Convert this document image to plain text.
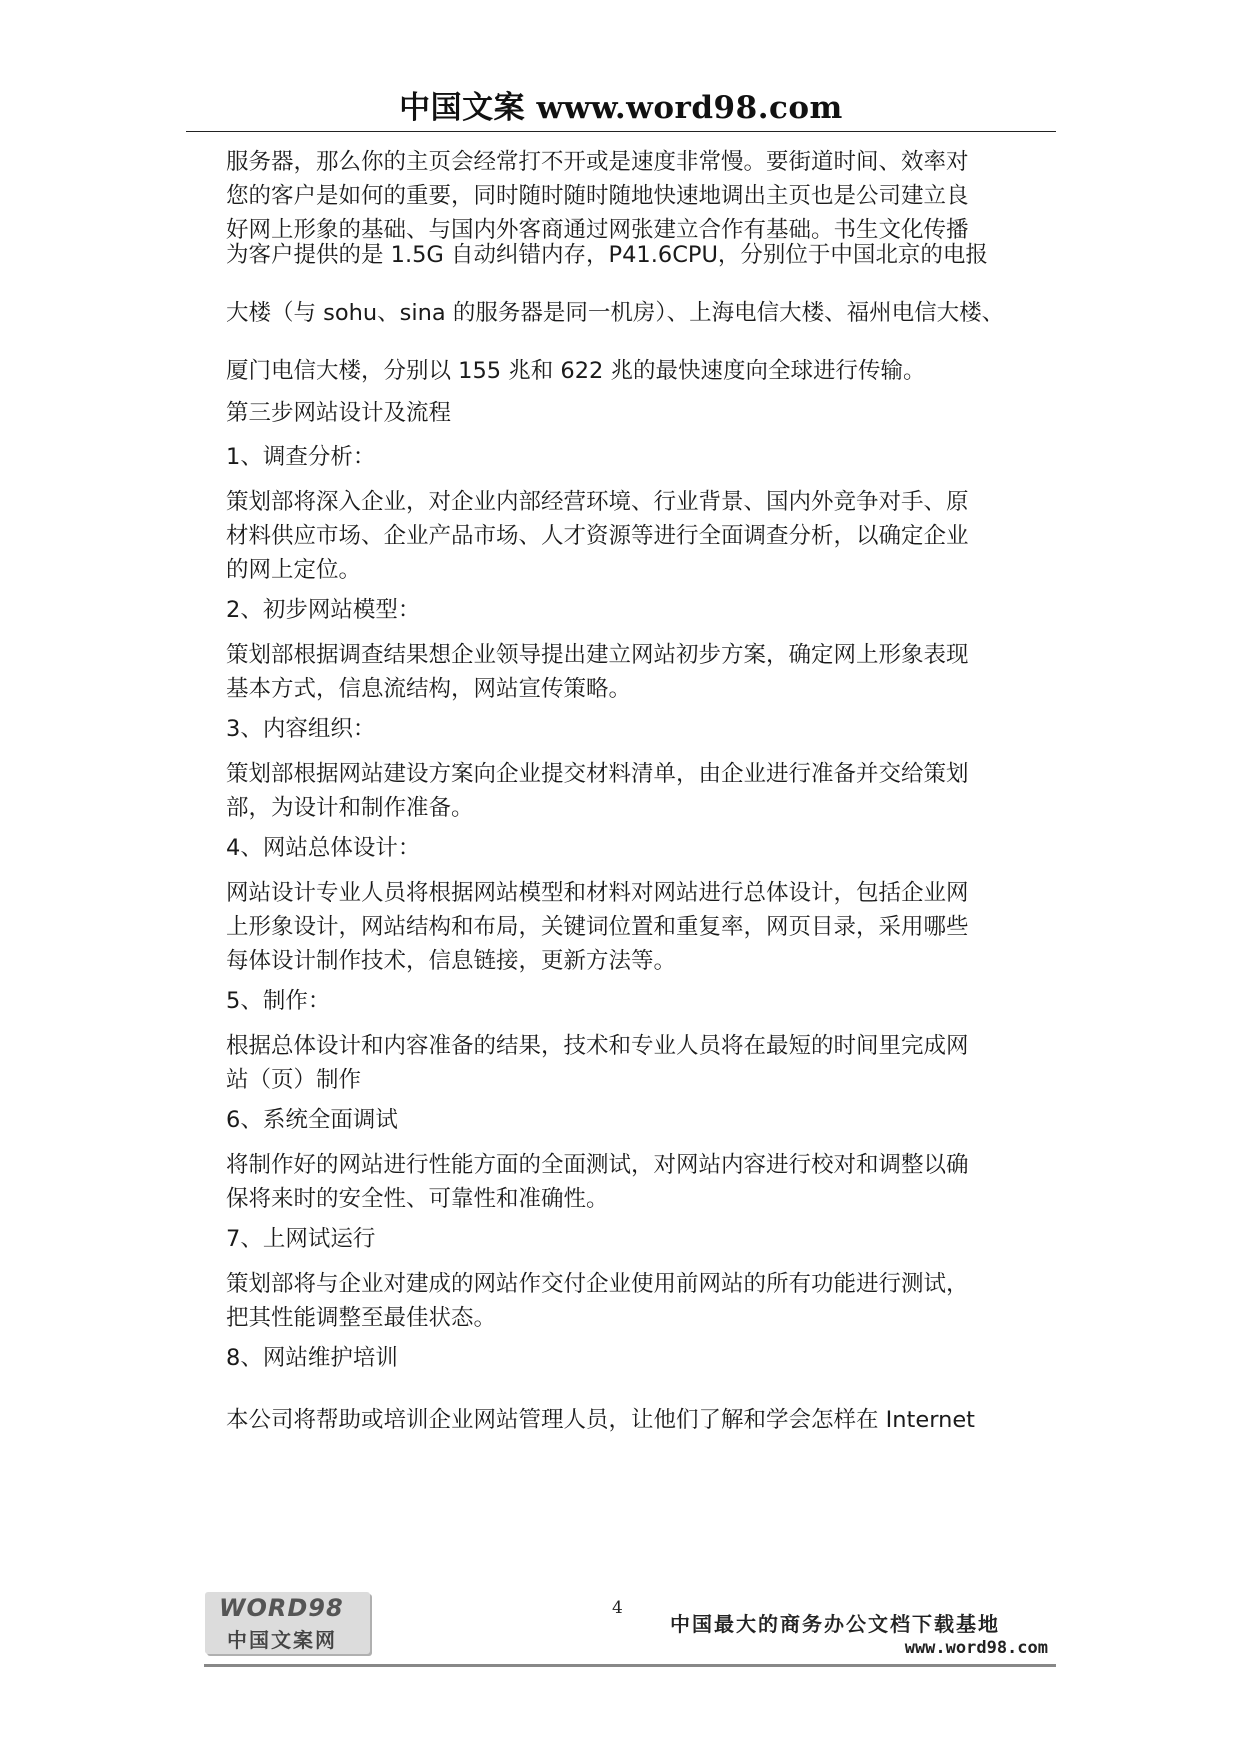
中国文案 www.word98.com

服务器，那么你的主页会经常打不开或是速度非常慢。要街道时间、效率对

您的客户是如何的重要，同时随时随时随地快速地调出主页也是公司建立良

好网上形象的基础、与国内外客商通过网张建立合作有基础。书生文化传播

为客户提供的是 1.5G 自动纠错内存，P41.6CPU，分别位于中国北京的电报

大楼（与 sohu、sina 的服务器是同一机房）、上海电信大楼、福州电信大楼、

厦门电信大楼，分别以 155 兆和 622 兆的最快速度向全球进行传输。

第三步网站设计及流程

1、调查分析：

策划部将深入企业，对企业内部经营环境、行业背景、国内外竞争对手、原

材料供应市场、企业产品市场、人才资源等进行全面调查分析，以确定企业

的网上定位。

2、初步网站模型：

策划部根据调查结果想企业领导提出建立网站初步方案，确定网上形象表现

基本方式，信息流结构，网站宣传策略。

3、内容组织：

策划部根据网站建设方案向企业提交材料清单，由企业进行准备并交给策划

部，为设计和制作准备。

4、网站总体设计：

网站设计专业人员将根据网站模型和材料对网站进行总体设计，包括企业网

上形象设计，网站结构和布局，关键词位置和重复率，网页目录，采用哪些

每体设计制作技术，信息链接，更新方法等。

5、制作：

根据总体设计和内容准备的结果，技术和专业人员将在最短的时间里完成网

站（页）制作

6、系统全面调试

将制作好的网站进行性能方面的全面测试，对网站内容进行校对和调整以确

保将来时的安全性、可靠性和准确性。

7、上网试运行

策划部将与企业对建成的网站作交付企业使用前网站的所有功能进行测试，

把其性能调整至最佳状态。

8、网站维护培训

本公司将帮助或培训企业网站管理人员，让他们了解和学会怎样在 Internet

WORD98
中国文案网
4
中国最大的商务办公文档下载基地
www.word98.com
